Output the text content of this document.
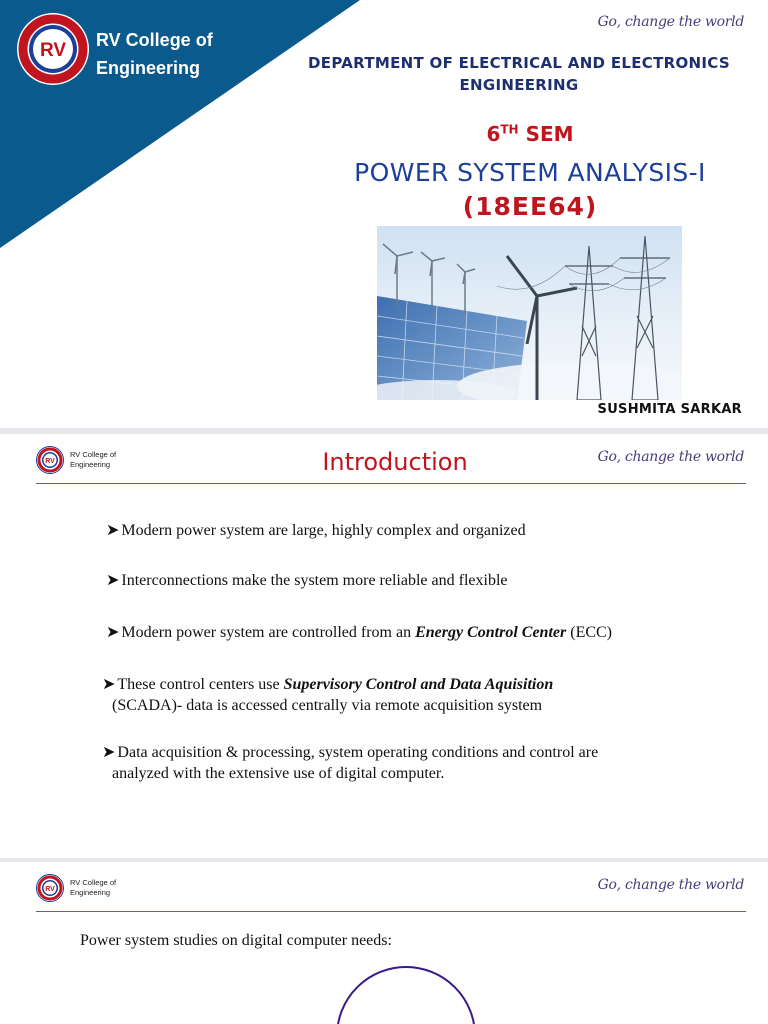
RV RV College of
Engineering
Go, change the world
DEPARTMENT OF ELECTRICAL AND ELECTRONICS
ENGINEERING
6TH SEM
POWER SYSTEM ANALYSIS-I
(18EE64)
SUSHMITA SARKAR
RV
RV College of
Engineering	Introduction	Go, change the world
➤ Modern power system are large, highly complex and organized
➤ Interconnections make the system more reliable and flexible
➤ Modern power system are controlled from an Energy Control Center (ECC)
➤ These control centers use Supervisory Control and Data Aquisition
(SCADA)- data is accessed centrally via remote acquisition system
➤ Data acquisition & processing, system operating conditions and control are
analyzed with the extensive use of digital computer.
RV
RV College of
Engineering	Go, change the world
Power system studies on digital computer needs:
